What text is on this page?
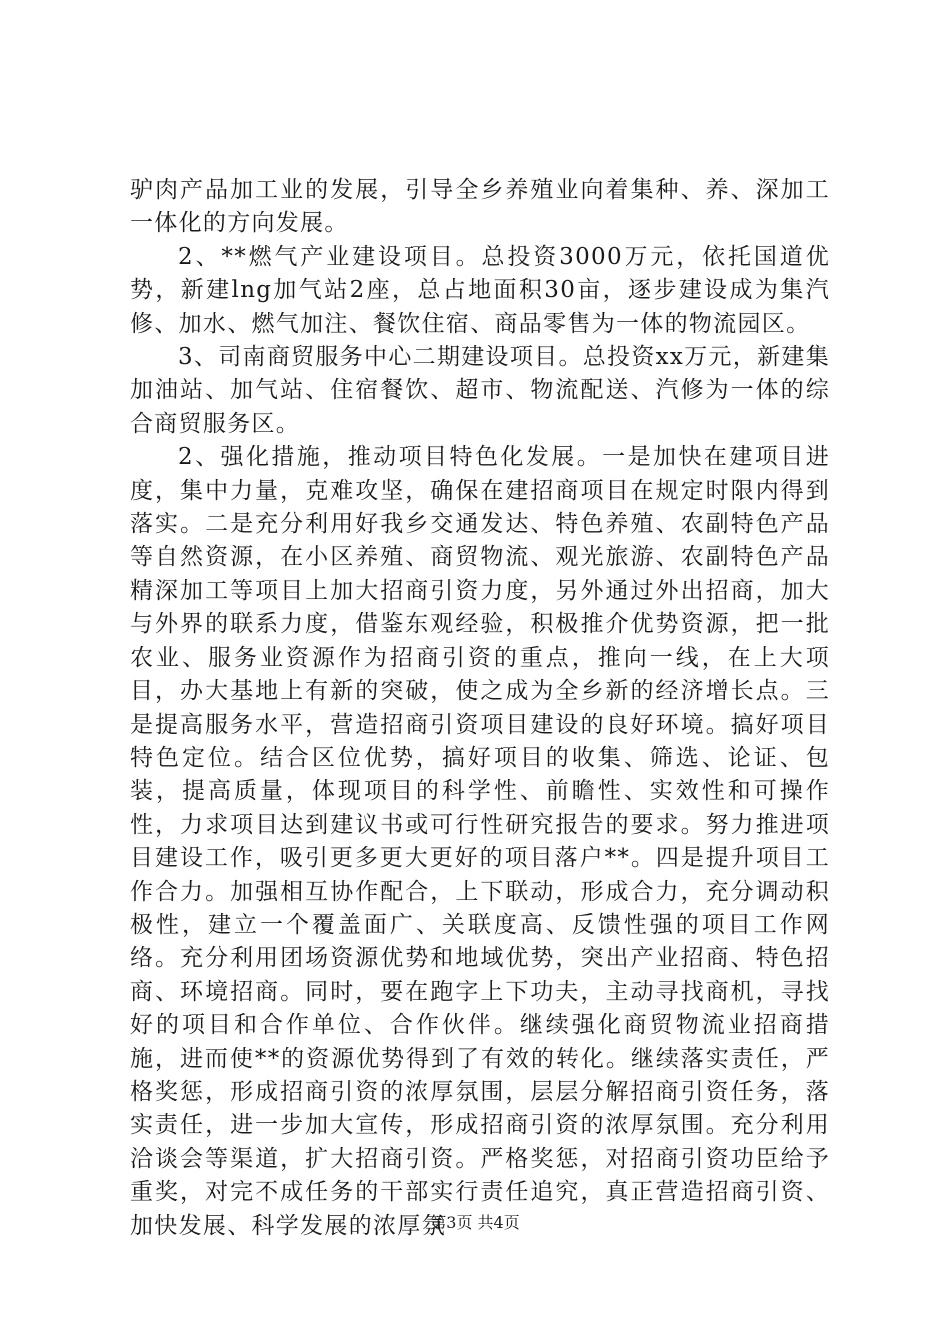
驴肉产品加工业的发展，引导全乡养殖业向着集种、养、深加工一体化的方向发展。

2、**燃气产业建设项目。总投资3000万元，依托国道优势，新建lng加气站2座，总占地面积30亩，逐步建设成为集汽修、加水、燃气加注、餐饮住宿、商品零售为一体的物流园区。

3、司南商贸服务中心二期建设项目。总投资xx万元，新建集加油站、加气站、住宿餐饮、超市、物流配送、汽修为一体的综合商贸服务区。

2、强化措施，推动项目特色化发展。一是加快在建项目进度，集中力量，克难攻坚，确保在建招商项目在规定时限内得到落实。二是充分利用好我乡交通发达、特色养殖、农副特色产品等自然资源，在小区养殖、商贸物流、观光旅游、农副特色产品精深加工等项目上加大招商引资力度，另外通过外出招商，加大与外界的联系力度，借鉴东观经验，积极推介优势资源，把一批农业、服务业资源作为招商引资的重点，推向一线，在上大项目，办大基地上有新的突破，使之成为全乡新的经济增长点。三是提高服务水平，营造招商引资项目建设的良好环境。搞好项目特色定位。结合区位优势，搞好项目的收集、筛选、论证、包装，提高质量，体现项目的科学性、前瞻性、实效性和可操作性，力求项目达到建议书或可行性研究报告的要求。努力推进项目建设工作，吸引更多更大更好的项目落户**。四是提升项目工作合力。加强相互协作配合，上下联动，形成合力，充分调动积极性，建立一个覆盖面广、关联度高、反馈性强的项目工作网络。充分利用团场资源优势和地域优势，突出产业招商、特色招商、环境招商。同时，要在跑字上下功夫，主动寻找商机，寻找好的项目和合作单位、合作伙伴。继续强化商贸物流业招商措施，进而使**的资源优势得到了有效的转化。继续落实责任，严格奖惩，形成招商引资的浓厚氛围，层层分解招商引资任务，落实责任，进一步加大宣传，形成招商引资的浓厚氛围。充分利用洽谈会等渠道，扩大招商引资。严格奖惩，对招商引资功臣给予重奖，对完不成任务的干部实行责任追究，真正营造招商引资、加快发展、科学发展的浓厚氛

第3页 共4页
